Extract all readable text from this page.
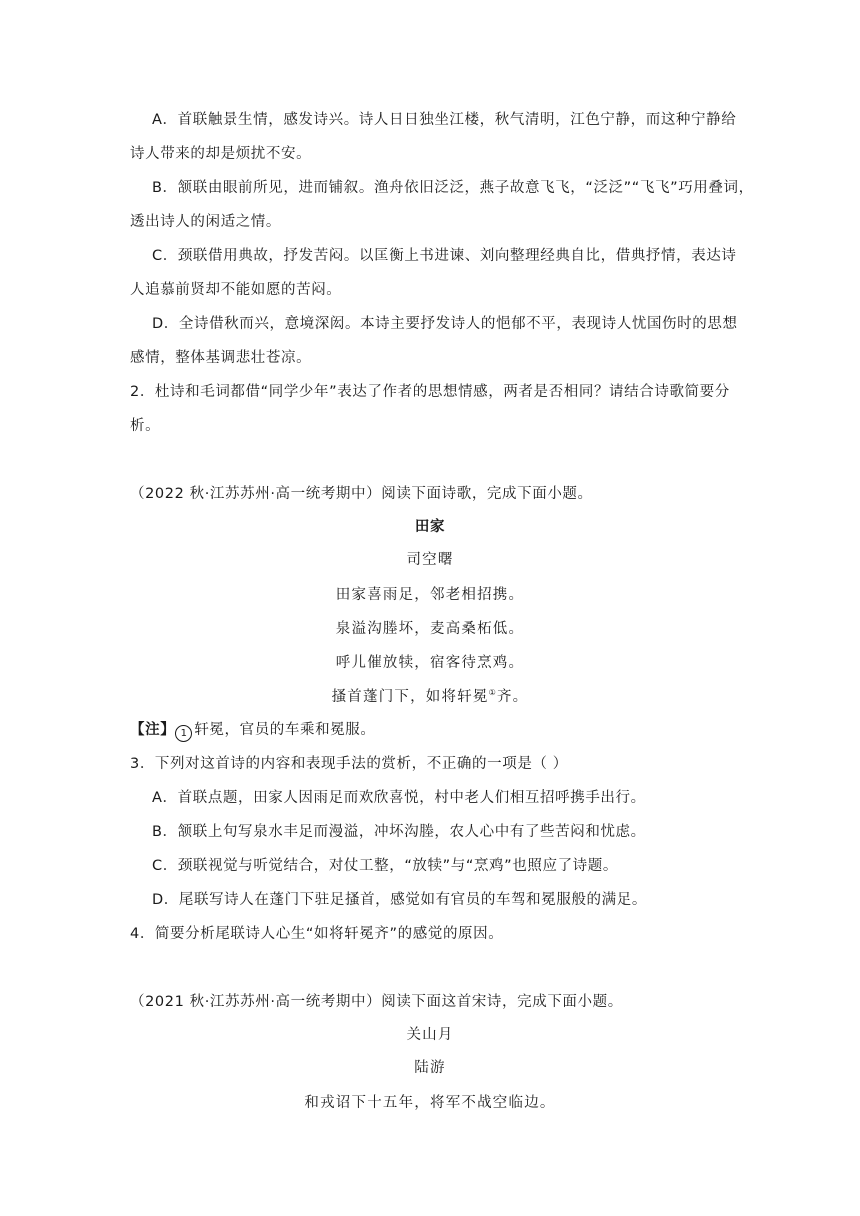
A．首联触景生情，感发诗兴。诗人日日独坐江楼，秋气清明，江色宁静，而这种宁静给
诗人带来的却是烦扰不安。
B．颔联由眼前所见，进而铺叙。渔舟依旧泛泛，燕子故意飞飞，“泛泛”“飞飞”巧用叠词，
透出诗人的闲适之情。
C．颈联借用典故，抒发苦闷。以匡衡上书进谏、刘向整理经典自比，借典抒情，表达诗
人追慕前贤却不能如愿的苦闷。
D．全诗借秋而兴，意境深闳。本诗主要抒发诗人的悒郁不平，表现诗人忧国伤时的思想
感情，整体基调悲壮苍凉。
2．杜诗和毛词都借“同学少年”表达了作者的思想情感，两者是否相同？请结合诗歌简要分
析。
（2022 秋·江苏苏州·高一统考期中）阅读下面诗歌，完成下面小题。
田家
司空曙
田家喜雨足，邻老相招携。
泉溢沟塍坏，麦高桑柘低。
呼儿催放犊，宿客待烹鸡。
搔首蓬门下，如将轩冕①齐。
【注】 1 轩冕，官员的车乘和冕服。
3．下列对这首诗的内容和表现手法的赏析，不正确的一项是（ ）
A．首联点题，田家人因雨足而欢欣喜悦，村中老人们相互招呼携手出行。
B．颔联上句写泉水丰足而漫溢，冲坏沟塍，农人心中有了些苦闷和忧虑。
C．颈联视觉与听觉结合，对仗工整，“放犊”与“烹鸡”也照应了诗题。
D．尾联写诗人在蓬门下驻足搔首，感觉如有官员的车驾和冕服般的满足。
4．简要分析尾联诗人心生“如将轩冕齐”的感觉的原因。
（2021 秋·江苏苏州·高一统考期中）阅读下面这首宋诗，完成下面小题。
关山月
陆游
和戎诏下十五年，将军不战空临边。
